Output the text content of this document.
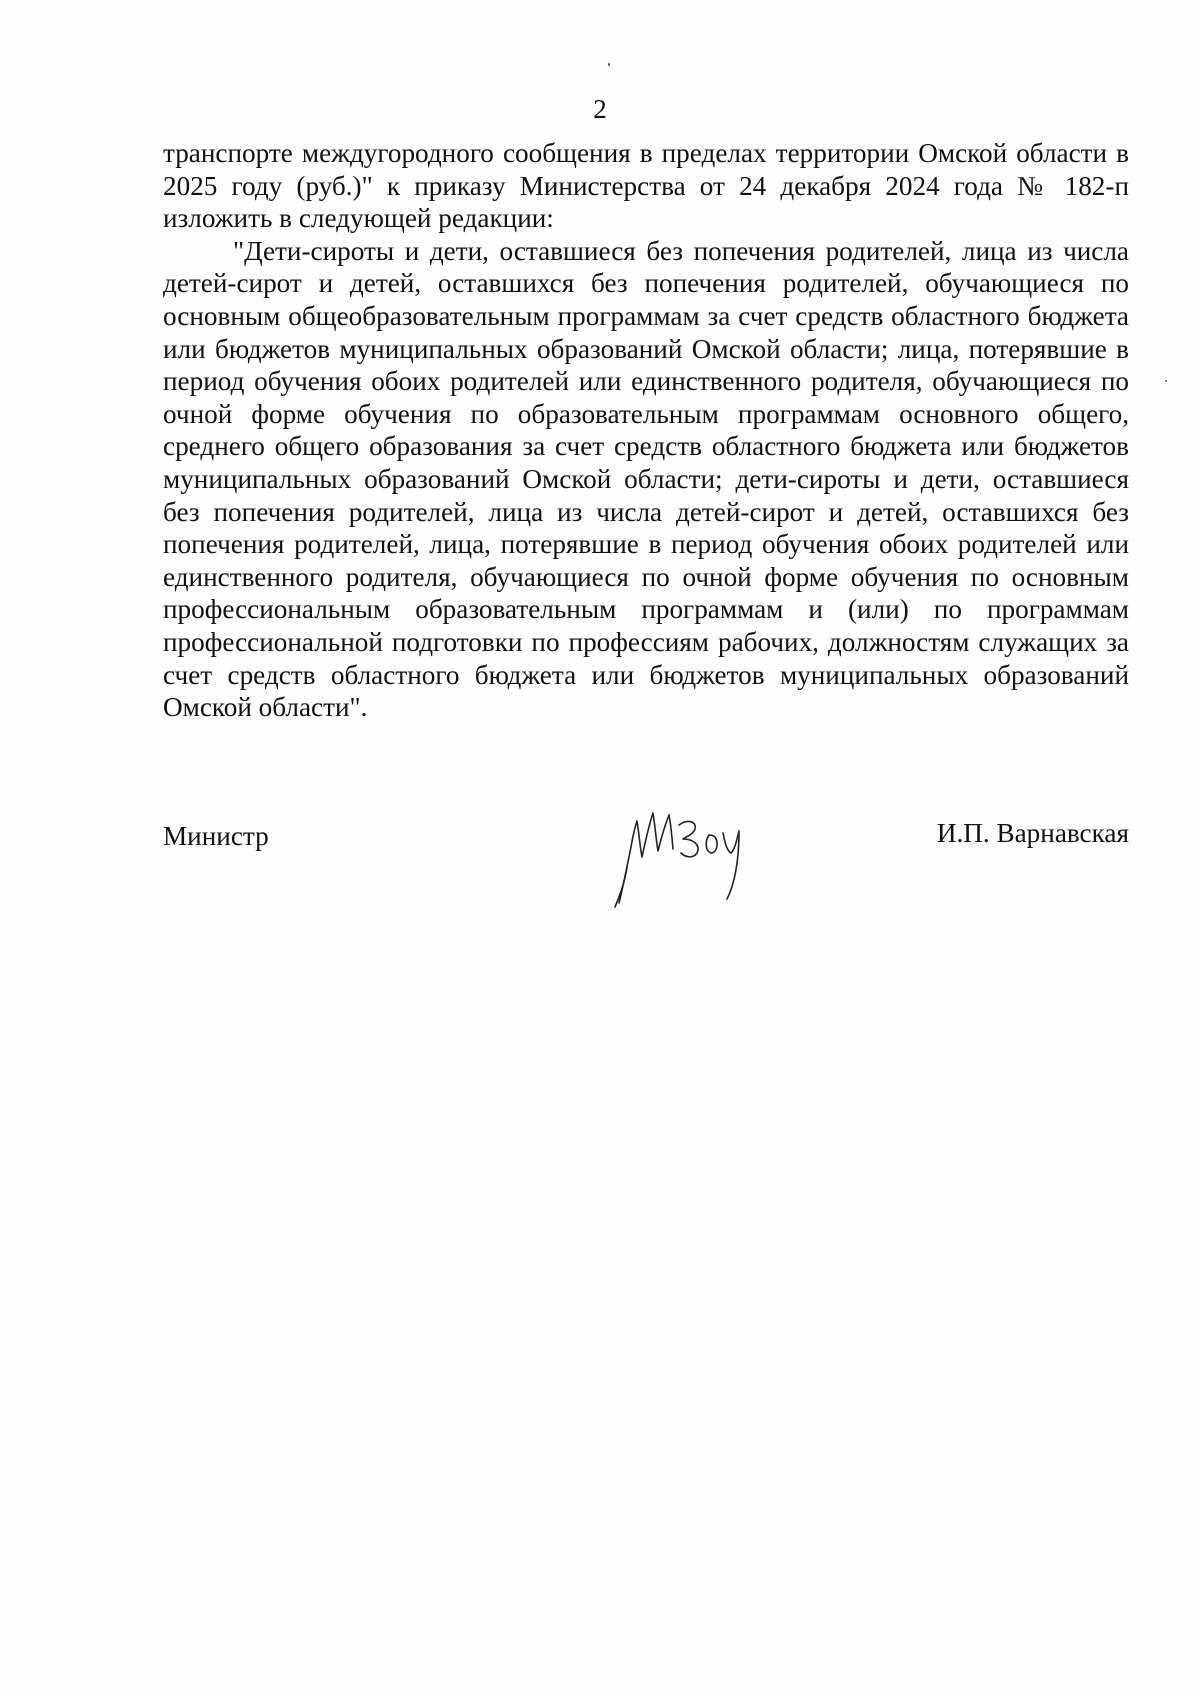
2

транспорте междугородного сообщения в пределах территории Омской области в 2025 году (руб.)" к приказу Министерства от 24 декабря 2024 года № 182-п изложить в следующей редакции:

"Дети-сироты и дети, оставшиеся без попечения родителей, лица из числа детей-сирот и детей, оставшихся без попечения родителей, обучающиеся по основным общеобразовательным программам за счет средств областного бюджета или бюджетов муниципальных образований Омской области; лица, потерявшие в период обучения обоих родителей или единственного родителя, обучающиеся по очной форме обучения по образовательным программам основного общего, среднего общего образования за счет средств областного бюджета или бюджетов муниципальных образований Омской области; дети-сироты и дети, оставшиеся без попечения родителей, лица из числа детей-сирот и детей, оставшихся без попечения родителей, лица, потерявшие в период обучения обоих родителей или единственного родителя, обучающиеся по очной форме обучения по основным профессиональным образовательным программам и (или) по программам профессиональной подготовки по профессиям рабочих, должностям служащих за счет средств областного бюджета или бюджетов муниципальных образований Омской области".

Министр	И.П. Варнавская
